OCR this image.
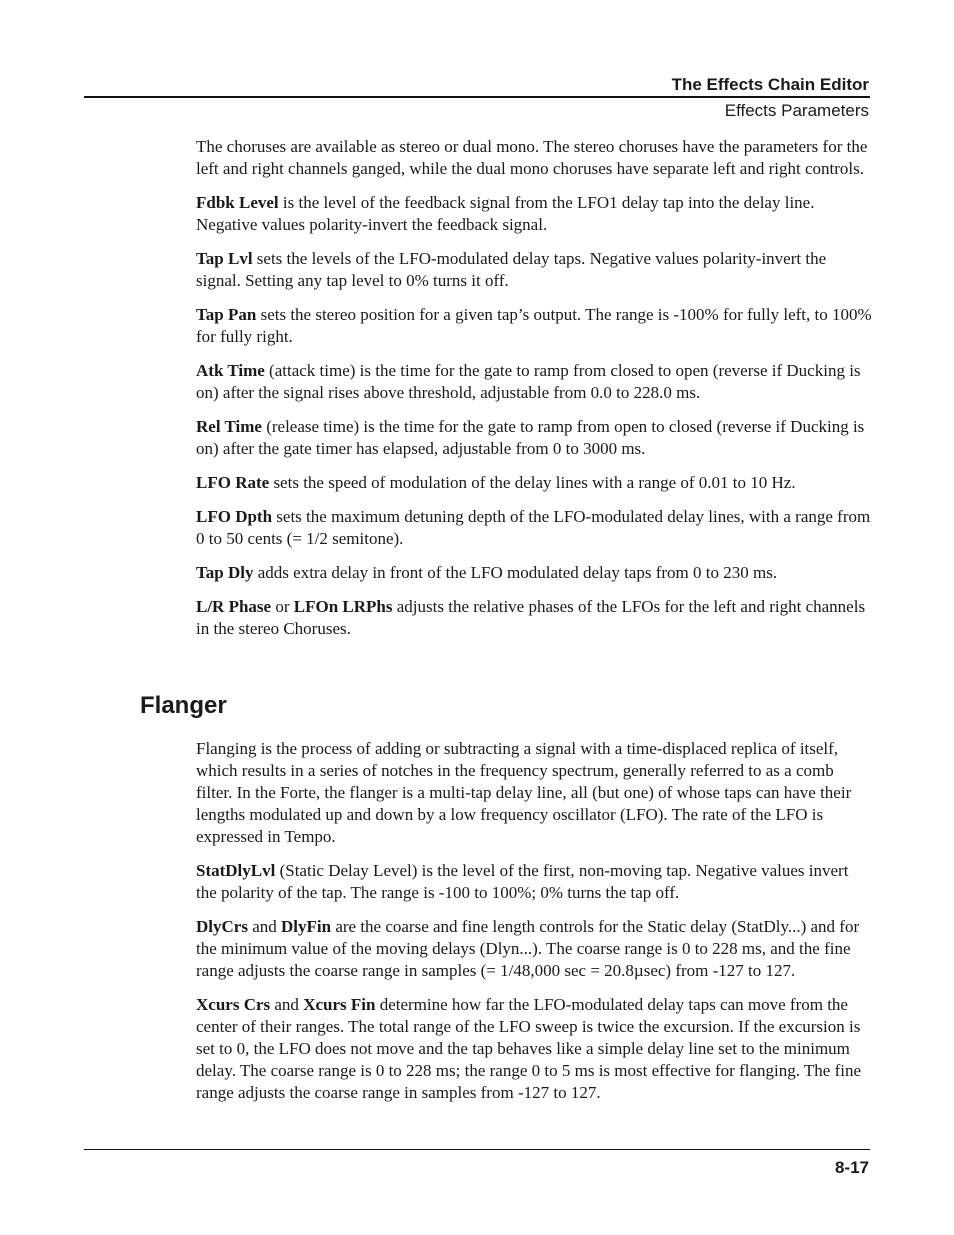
The Effects Chain Editor
Effects Parameters

The choruses are available as stereo or dual mono. The stereo choruses have the parameters for the left and right channels ganged, while the dual mono choruses have separate left and right controls.

Fdbk Level is the level of the feedback signal from the LFO1 delay tap into the delay line. Negative values polarity-invert the feedback signal.

Tap Lvl sets the levels of the LFO-modulated delay taps. Negative values polarity-invert the signal. Setting any tap level to 0% turns it off.

Tap Pan sets the stereo position for a given tap’s output. The range is -100% for fully left, to 100% for fully right.

Atk Time (attack time) is the time for the gate to ramp from closed to open (reverse if Ducking is on) after the signal rises above threshold, adjustable from 0.0 to 228.0 ms.

Rel Time (release time) is the time for the gate to ramp from open to closed (reverse if Ducking is on) after the gate timer has elapsed, adjustable from 0 to 3000 ms.

LFO Rate sets the speed of modulation of the delay lines with a range of 0.01 to 10 Hz.

LFO Dpth sets the maximum detuning depth of the LFO-modulated delay lines, with a range from 0 to 50 cents (= 1/2 semitone).

Tap Dly adds extra delay in front of the LFO modulated delay taps from 0 to 230 ms.

L/R Phase or LFOn LRPhs adjusts the relative phases of the LFOs for the left and right channels in the stereo Choruses.

Flanger

Flanging is the process of adding or subtracting a signal with a time-displaced replica of itself, which results in a series of notches in the frequency spectrum, generally referred to as a comb filter. In the Forte, the flanger is a multi-tap delay line, all (but one) of whose taps can have their lengths modulated up and down by a low frequency oscillator (LFO). The rate of the LFO is expressed in Tempo.

StatDlyLvl (Static Delay Level) is the level of the first, non-moving tap. Negative values invert the polarity of the tap. The range is -100 to 100%; 0% turns the tap off.

DlyCrs and DlyFin are the coarse and fine length controls for the Static delay (StatDly...) and for the minimum value of the moving delays (Dlyn...). The coarse range is 0 to 228 ms, and the fine range adjusts the coarse range in samples (= 1/48,000 sec = 20.8µsec) from -127 to 127.

Xcurs Crs and Xcurs Fin determine how far the LFO-modulated delay taps can move from the center of their ranges. The total range of the LFO sweep is twice the excursion. If the excursion is set to 0, the LFO does not move and the tap behaves like a simple delay line set to the minimum delay. The coarse range is 0 to 228 ms; the range 0 to 5 ms is most effective for flanging. The fine range adjusts the coarse range in samples from -127 to 127.

8-17
